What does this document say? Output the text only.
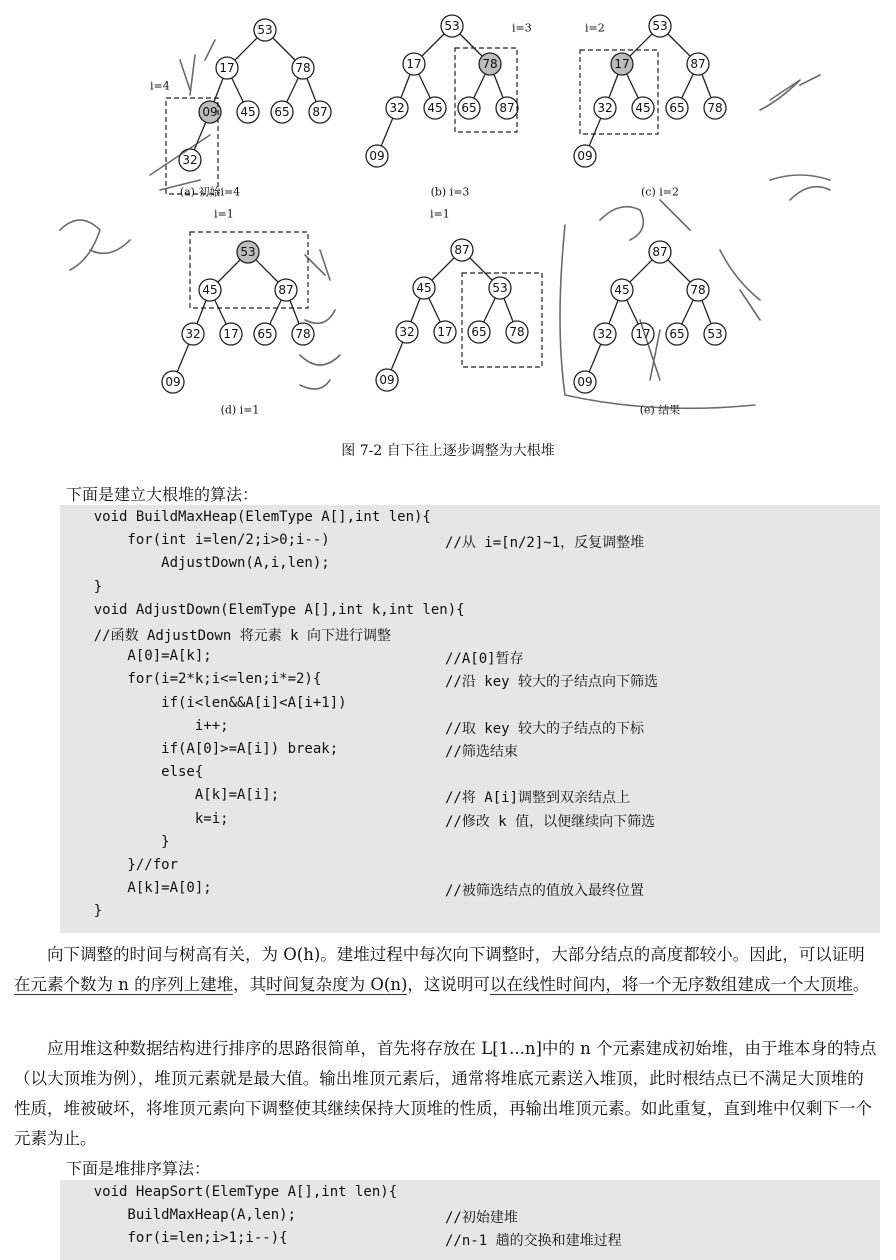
53
17	78
09 45 65 87
32
i=4
(a) 初始i=4
53
17	78
32 45 65 87
09
i=3
(b) i=3
53
17	87
32 45 65 78
09
i=2
(c) i=2
53
45	87
32 17 65 78
09
i=1
(d) i=1
87
45	53
32 17 65 78
09
i=1
87
45	78
32 17 65 53
09
(e) 结果
图 7-2 自下往上逐步调整为大根堆
下面是建立大根堆的算法：
void BuildMaxHeap(ElemType A[],int len){
for(int i=len/2;i>0;i--)	//从 i=[n/2]~1，反复调整堆
AdjustDown(A,i,len);
}
void AdjustDown(ElemType A[],int k,int len){
//函数 AdjustDown 将元素 k 向下进行调整
A[0]=A[k];	//A[0]暂存
for(i=2*k;i<=len;i*=2){	//沿 key 较大的子结点向下筛选
if(i<len&&A[i]<A[i+1])
i++;	//取 key 较大的子结点的下标
if(A[0]>=A[i]) break;	//筛选结束
else{
A[k]=A[i];	//将 A[i]调整到双亲结点上
k=i;	//修改 k 值，以便继续向下筛选
}
}//for
A[k]=A[0];	//被筛选结点的值放入最终位置
}

向下调整的时间与树高有关，为 O(h)。建堆过程中每次向下调整时，大部分结点的高度都较小。因此，可以证明在元素个数为 n 的序列上建堆，其时间复杂度为 O(n)，这说明可以在线性时间内，将一个无序数组建成一个大顶堆。

应用堆这种数据结构进行排序的思路很简单，首先将存放在 L[1...n]中的 n 个元素建成初始堆，由于堆本身的特点（以大顶堆为例），堆顶元素就是最大值。输出堆顶元素后，通常将堆底元素送入堆顶，此时根结点已不满足大顶堆的性质，堆被破坏，将堆顶元素向下调整使其继续保持大顶堆的性质，再输出堆顶元素。如此重复，直到堆中仅剩下一个元素为止。

下面是堆排序算法：
void HeapSort(ElemType A[],int len){
BuildMaxHeap(A,len);	//初始建堆
for(i=len;i>1;i--){	//n-1 趟的交换和建堆过程
